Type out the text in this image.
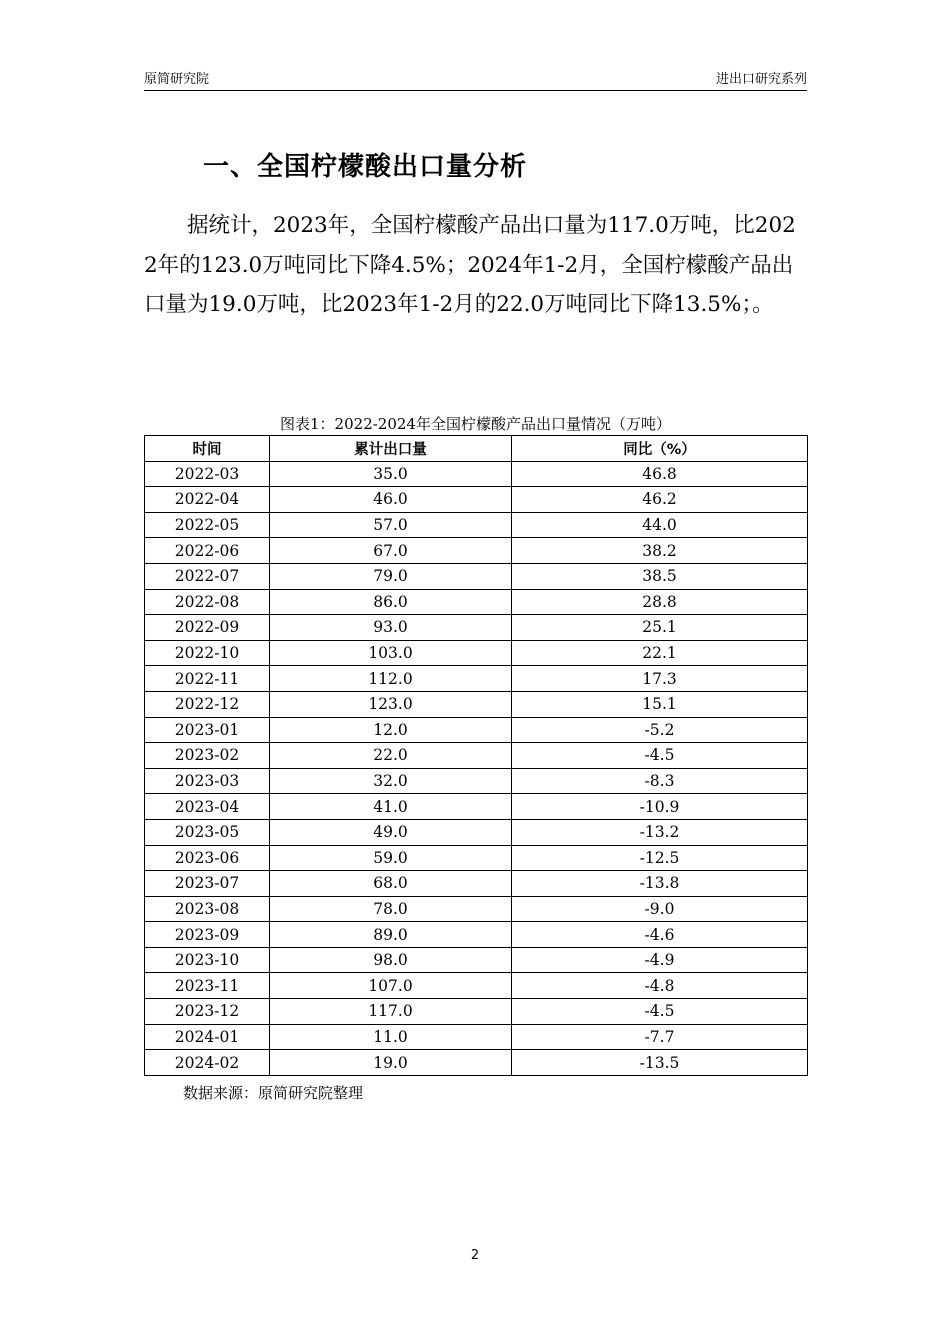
原简研究院	进出口研究系列
一、全国柠檬酸出口量分析

据统计，2023年，全国柠檬酸产品出口量为117.0万吨，比2022年的123.0万吨同比下降4.5%；2024年1-2月，全国柠檬酸产品出口量为19.0万吨，比2023年1-2月的22.0万吨同比下降13.5%；。

图表1：2022-2024年全国柠檬酸产品出口量情况（万吨）
时间	累计出口量	同比（%）
2022-03	35.0	46.8
2022-04	46.0	46.2
2022-05	57.0	44.0
2022-06	67.0	38.2
2022-07	79.0	38.5
2022-08	86.0	28.8
2022-09	93.0	25.1
2022-10	103.0	22.1
2022-11	112.0	17.3
2022-12	123.0	15.1
2023-01	12.0	-5.2
2023-02	22.0	-4.5
2023-03	32.0	-8.3
2023-04	41.0	-10.9
2023-05	49.0	-13.2
2023-06	59.0	-12.5
2023-07	68.0	-13.8
2023-08	78.0	-9.0
2023-09	89.0	-4.6
2023-10	98.0	-4.9
2023-11	107.0	-4.8
2023-12	117.0	-4.5
2024-01	11.0	-7.7
2024-02	19.0	-13.5
数据来源：原简研究院整理
2
